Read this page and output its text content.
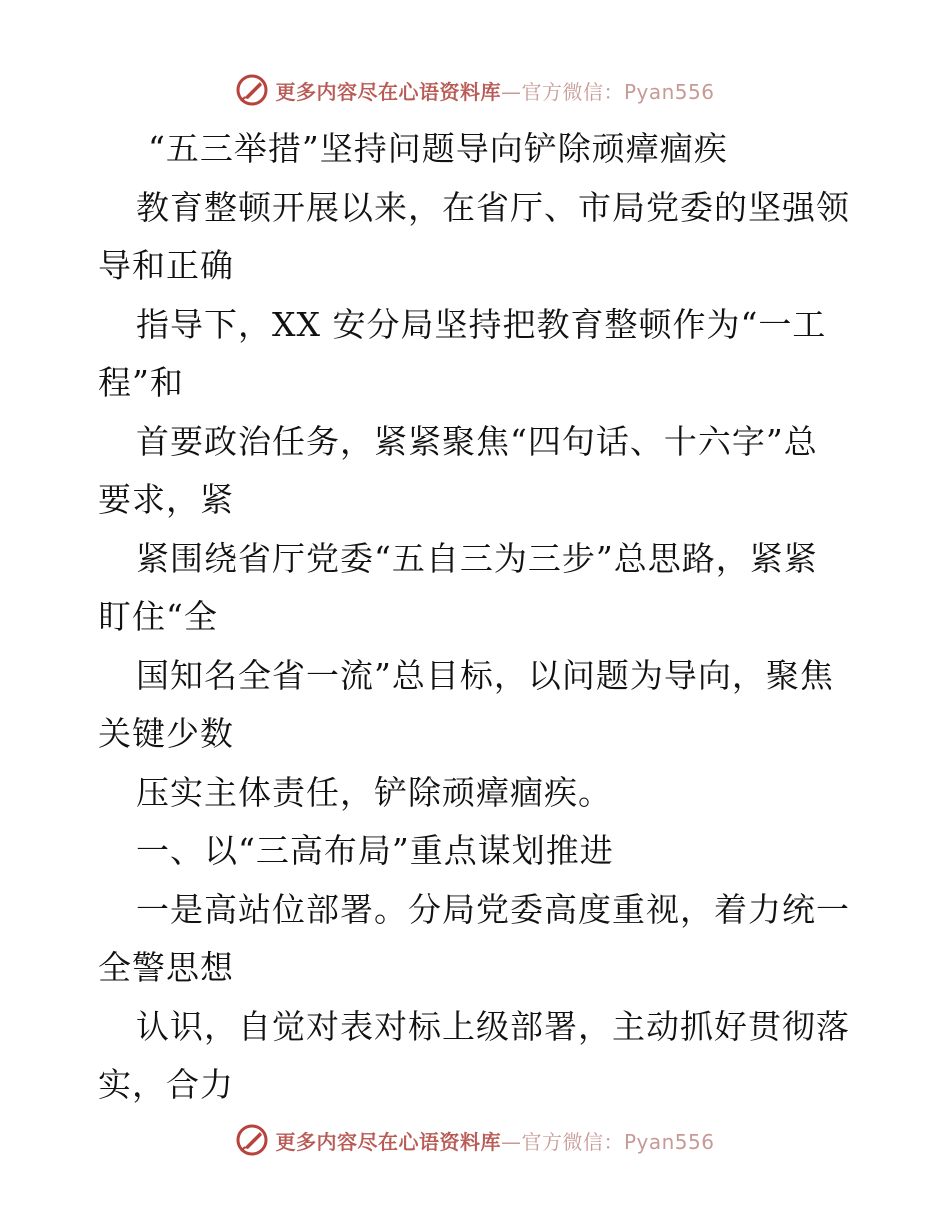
更多内容尽在心语资料库—官方微信：Pyan556
“五三举措”坚持问题导向铲除顽瘴痼疾
教育整顿开展以来，在省厅、市局党委的坚强领
导和正确
指导下，XX 安分局坚持把教育整顿作为“一工
程”和
首要政治任务，紧紧聚焦“四句话、十六字”总
要求，紧
紧围绕省厅党委“五自三为三步”总思路，紧紧
盯住“全
国知名全省一流”总目标，以问题为导向，聚焦
关键少数
压实主体责任，铲除顽瘴痼疾。
一、以“三高布局”重点谋划推进
一是高站位部署。分局党委高度重视，着力统一
全警思想
认识，自觉对表对标上级部署，主动抓好贯彻落
实，合力
更多内容尽在心语资料库—官方微信：Pyan556
